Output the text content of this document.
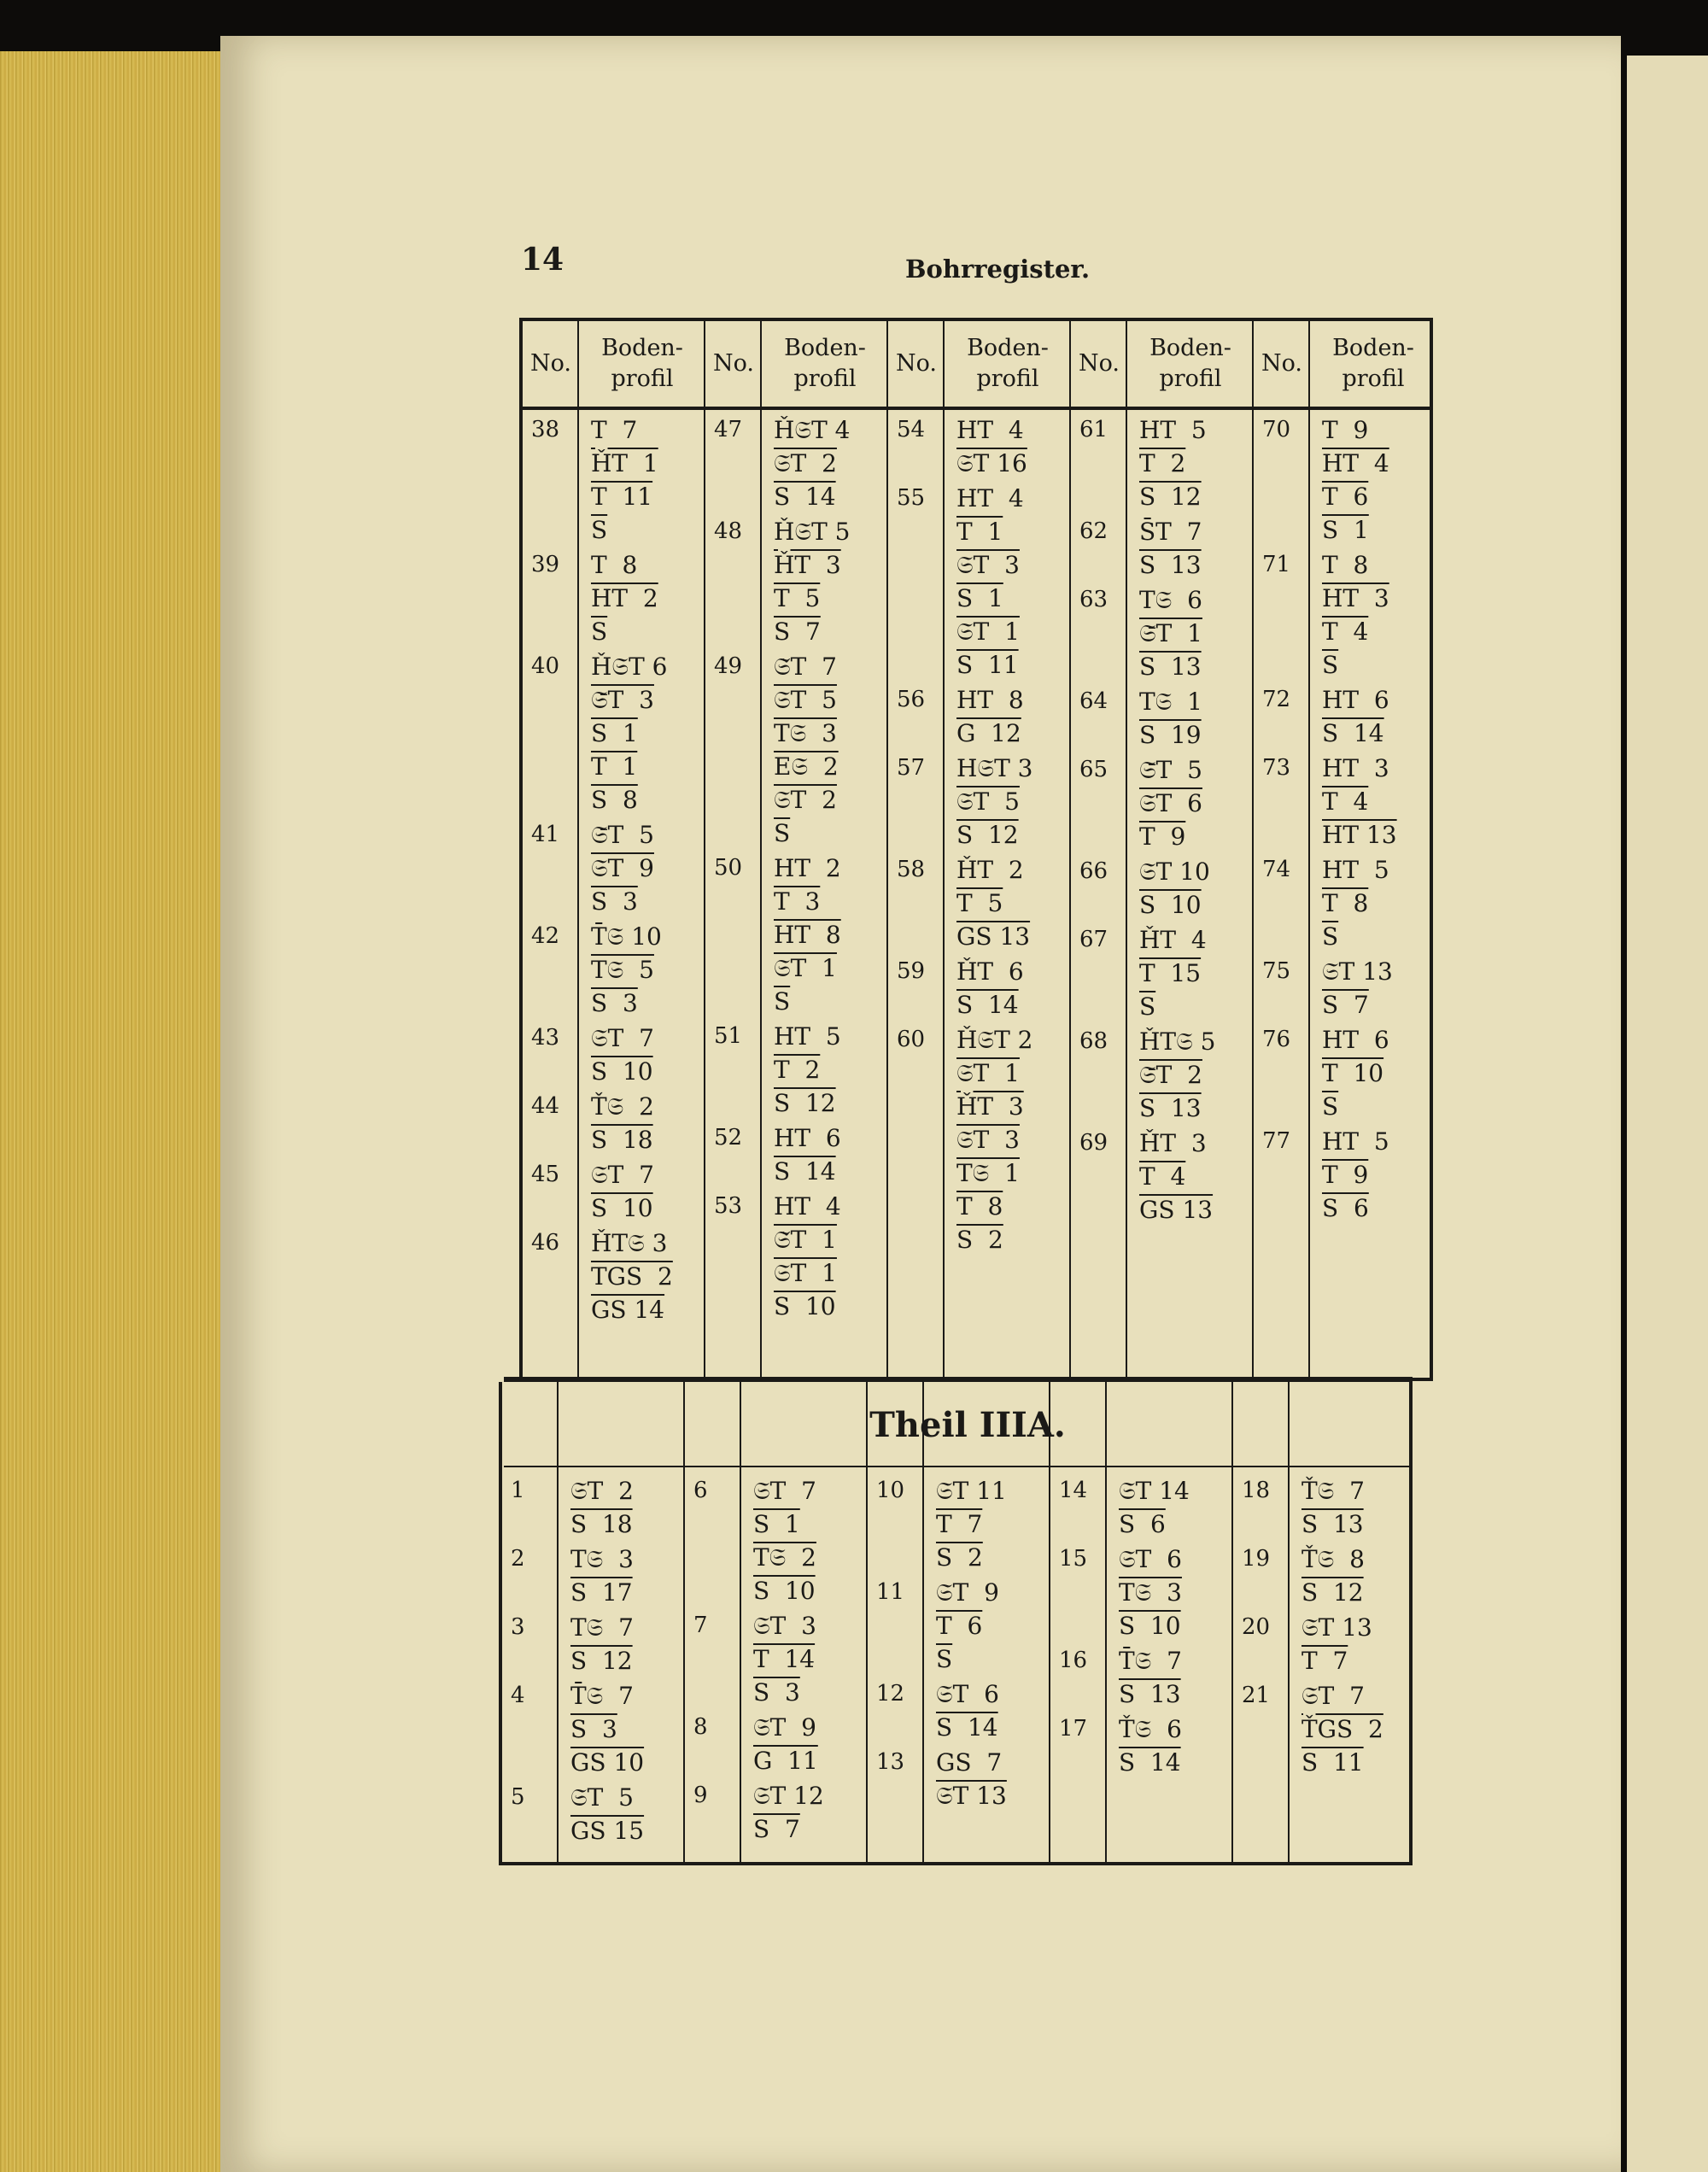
14	Bohrregister.
No.
Boden-
profil
38 T  7
ȞT  1
T  11
$\overline{S}$
39 T  8
HT  2
$\overline{S}$
40 Ȟ𝔖T 6
𝔖̄T  3
S  1
T  1
S  8
41 𝔖̄T  5
𝔖T  9
S  3
42 T̄𝔖 10
T𝔖  5
S  3
43 𝔖T  7
S  10
44 Ť𝔖  2
S  18
45 𝔖T  7
S  10
46 ȞT𝔖 3
TGS  2
GS 14
No.
Boden-
profil
47 Ȟ𝔖T 4
𝔖T  2
S  14
48 Ȟ𝔖T 5
ȞT  3
T  5
S  7
49 𝔖̌T  7
𝔖T  5
T𝔖  3
E𝔖  2
𝔖T  2
$\overline{S}$
50 HT  2
T  3
HT  8
𝔖T  1
$\overline{S}$
51 HT  5
T  2
S  12
52 HT  6
S  14
53 HT  4
𝔖̌T  1
𝔖T  1
S  10
No.
Boden-
profil
54 HT  4
𝔖T 16
55 HT  4
T  1
𝔖T  3
S  1
𝔖T  1
S  11
56 HT  8
G  12
57 H𝔖T 3
𝔖T  5
S  12
58 ȞT  2
T  5
GS 13
59 ȞT  6
S  14
60 Ȟ𝔖T 2
𝔖T  1
ȞT  3
𝔖T  3
T𝔖  1
T  8
S  2
No.
Boden-
profil
61 HT  5
T  2
S  12
62 S̄T  7
S  13
63 T𝔖  6
𝔖̄T  1
S  13
64 T𝔖  1
S  19
65 𝔖̄T  5
𝔖T  6
T  9
66 𝔖T 10
S  10
67 ȞT  4
T  15
$\overline{S}$
68 ȞT𝔖 5
𝔖̄T  2
S  13
69 ȞT  3
T  4
GS 13
No.
Boden-
profil
70 T  9
HT  4
T  6
S  1
71 T  8
HT  3
T  4
$\overline{S}$
72 HT  6
S  14
73 HT  3
T  4
HT 13
74 HT  5
T  8
$\overline{S}$
75 𝔖T 13
S  7
76 HT  6
T  10
$\overline{S}$
77 HT  5
T  9
S  6
Theil IIIA.
1 𝔖T  2
S  18
2 T𝔖  3
S  17
3 T𝔖  7
S  12
4 T̄𝔖  7
S  3
GS 10
5 𝔖T  5
GS 15
6 𝔖T  7
S  1
T𝔖  2
S  10
7 𝔖T  3
T  14
S  3
8 𝔖T  9
G  11
9 𝔖T 12
S  7
10 𝔖T 11
T  7
S  2
11 𝔖T  9
T  6
$\overline{S}$
12 𝔖T  6
S  14
13 GS  7
𝔖T 13
14 𝔖T 14
S  6
15 𝔖T  6
T𝔖  3
S  10
16 T̄𝔖  7
S  13
17 Ť𝔖  6
S  14
18 Ť𝔖  7
S  13
19 Ť𝔖  8
S  12
20 𝔖T 13
T  7
21 𝔖T  7
ŤGS  2
S  11
